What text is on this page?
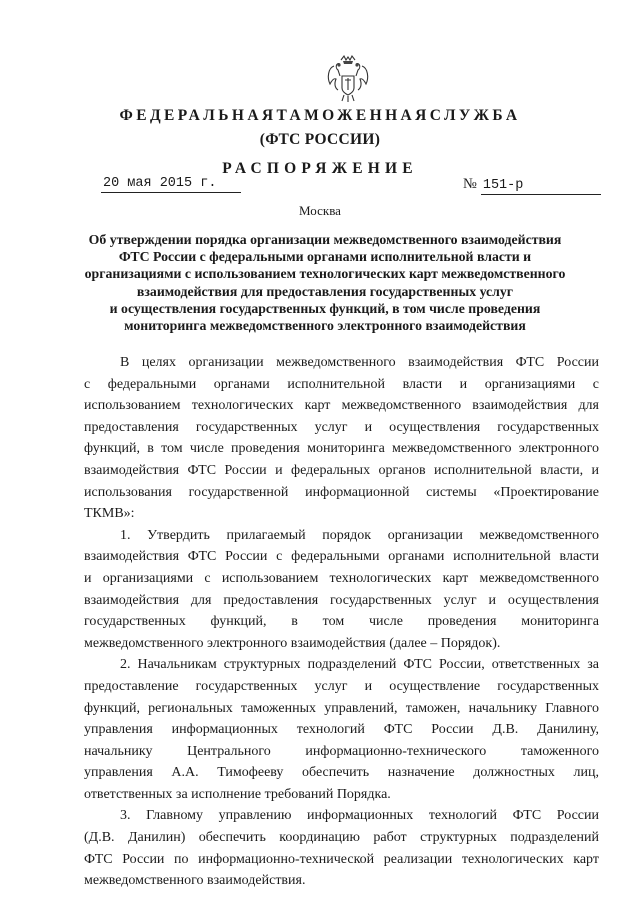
ФЕДЕРАЛЬНАЯТАМОЖЕННАЯСЛУЖБА
(ФТС РОССИИ)
РАСПОРЯЖЕНИЕ
20 мая 2015 г.	№ 151-р
Москва
Об утверждении порядка организации межведомственного взаимодействия
ФТС России с федеральными органами исполнительной власти и
организациями с использованием технологических карт межведомственного
взаимодействия для предоставления государственных услуг
и осуществления государственных функций, в том числе проведения
мониторинга межведомственного электронного взаимодействия
В целях организации межведомственного взаимодействия ФТС России
с федеральными органами исполнительной власти и организациями с
использованием технологических карт межведомственного взаимодействия для
предоставления государственных услуг и осуществления государственных
функций, в том числе проведения мониторинга межведомственного электронного
взаимодействия ФТС России и федеральных органов исполнительной власти, и
использования государственной информационной системы «Проектирование
ТКМВ»:
1. Утвердить прилагаемый порядок организации межведомственного
взаимодействия ФТС России с федеральными органами исполнительной власти
и организациями с использованием технологических карт межведомственного
взаимодействия для предоставления государственных услуг и осуществления
государственных функций, в том числе проведения мониторинга
межведомственного электронного взаимодействия (далее – Порядок).
2. Начальникам структурных подразделений ФТС России, ответственных за
предоставление государственных услуг и осуществление государственных
функций, региональных таможенных управлений, таможен, начальнику Главного
управления информационных технологий ФТС России Д.В. Данилину,
начальнику Центрального информационно-технического таможенного
управления А.А. Тимофееву обеспечить назначение должностных лиц,
ответственных за исполнение требований Порядка.
3. Главному управлению информационных технологий ФТС России
(Д.В. Данилин) обеспечить координацию работ структурных подразделений
ФТС России по информационно-технической реализации технологических карт
межведомственного взаимодействия.
